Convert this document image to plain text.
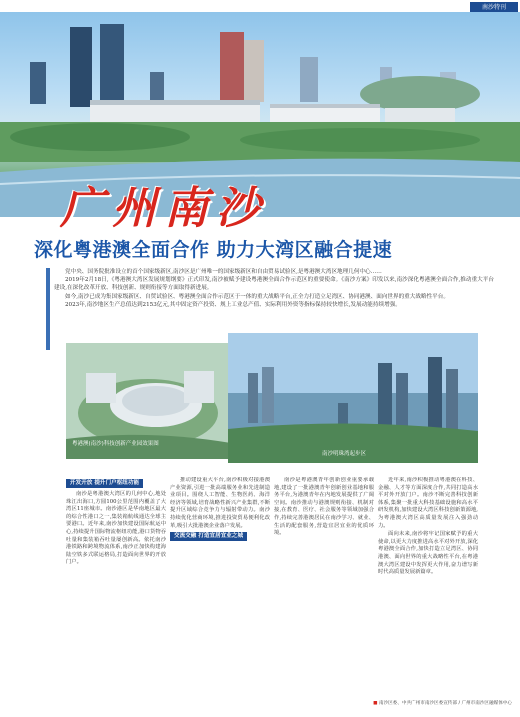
南沙特刊
广州南沙
深化粤港澳全面合作 助力大湾区融合提速

党中央、国务院批准设立的首个国家级新区,南沙区是广州唯一的国家级新区和自由贸易试验区,是粤港澳大湾区地理几何中心……

2019年2月18日,《粤港澳大湾区发展规划纲要》正式印发,南沙被赋予建设粤港澳全面合作示范区的重要使命。《南沙方案》印发以来,南沙深化粤港澳全面合作,推动重大平台建设,在深化改革开放、科技创新、规则衔接等方面取得新进展。

如今,南沙已成为集国家级新区、自贸试验区、粤港澳全面合作示范区于一体的重大战略平台,正全力打造立足湾区、协同港澳、面向世界的重大战略性平台。

2023年,南沙地区生产总值达到2153亿元,其中固定资产投资、规上工业总产值、实际利用外资等指标保持较快增长,发展动能持续增强。

粤港澳(南沙)科技创新产业园效果图
南沙明珠湾起步区
开发开放 提升门户枢纽功能

南沙是粤港澳大湾区的几何中心,地处珠江出海口,方圆100公里范围内覆盖了大湾区11座城市。南沙港区是华南地区最大的综合性港口之一,集装箱航线通达全球主要港口。近年来,南沙加快建设国际航运中心,持续提升国际物流枢纽功能,港口货物吞吐量和集装箱吞吐量屡创新高。依托南沙港铁路和跨境物流体系,南沙正加快构建海陆空铁多式联运格局,打造面向世界的开放门户。

推动建设重大平台,南沙积极对接港澳产业资源,引进一批高端服务业和先进制造业项目。围绕人工智能、生物医药、海洋经济等领域,培育战略性新兴产业集群,不断提升区域综合竞争力与辐射带动力。南沙持续优化营商环境,推进投资贸易便利化改革,吸引大批港澳企业落户发展。

交流交融 打造宜居宜业之城

南沙是粤港澳青年创新创业重要承载地,建设了一批港澳青年创新创业基地和服务平台,为港澳青年在内地发展提供了广阔空间。南沙推动与港澳规则衔接、机制对接,在教育、医疗、社会服务等领域加强合作,持续完善港澳居民在南沙学习、就业、生活的配套服务,营造宜居宜业的优质环境。

近年来,南沙积极推动粤港澳在科技、金融、人才等方面深度合作,共同打造高水平对外开放门户。南沙不断完善科技创新体系,集聚一批重大科技基础设施和高水平研发机构,加快建设大湾区科技创新策源地,为粤港澳大湾区高质量发展注入强劲动力。

面向未来,南沙将牢记国家赋予的重大使命,以更大力度推进高水平对外开放,深化粤港澳全面合作,加快打造立足湾区、协同港澳、面向世界的重大战略性平台,在粤港澳大湾区建设中发挥更大作用,奋力谱写新时代高质量发展新篇章。

■ 南沙区委、中共广州市南沙区委宣传部 / 广州市南沙区融媒体中心
